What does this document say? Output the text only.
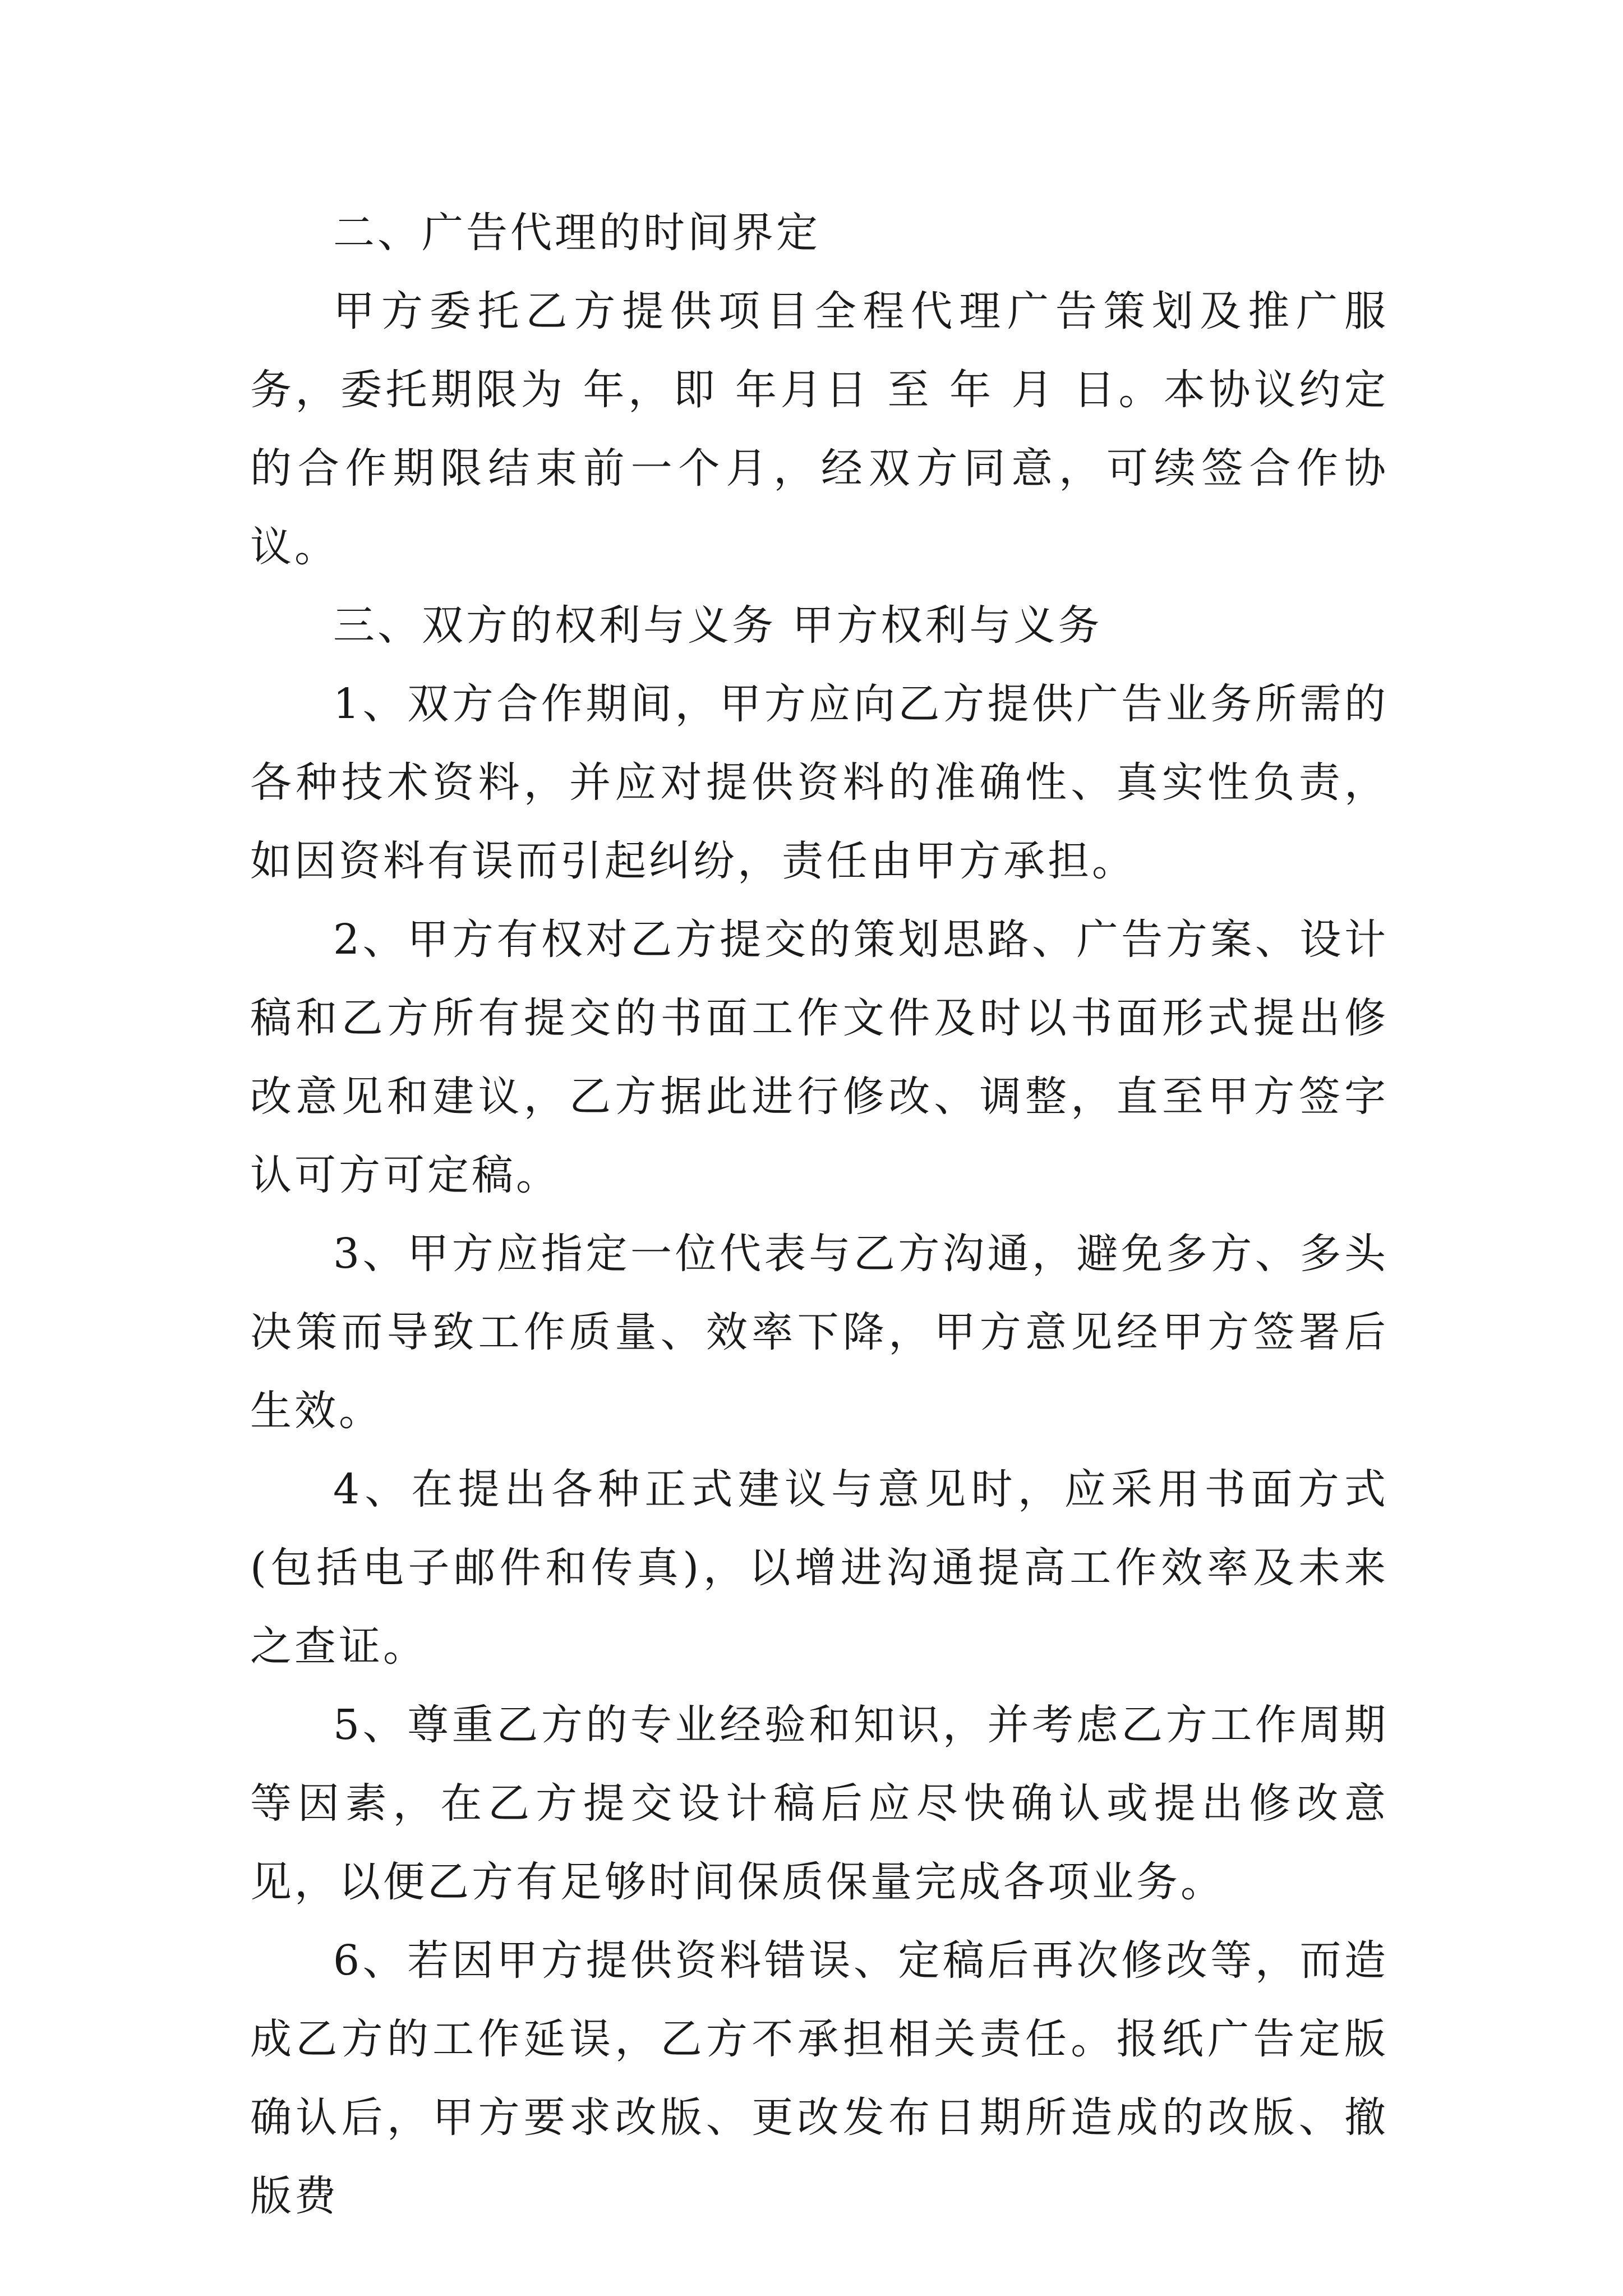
二、广告代理的时间界定

甲方委托乙方提供项目全程代理广告策划及推广服务，委托期限为 年，即 年月日 至 年 月 日。本协议约定的合作期限结束前一个月，经双方同意，可续签合作协议。

三、双方的权利与义务 甲方权利与义务

1、双方合作期间，甲方应向乙方提供广告业务所需的各种技术资料，并应对提供资料的准确性、真实性负责，如因资料有误而引起纠纷，责任由甲方承担。

2、甲方有权对乙方提交的策划思路、广告方案、设计稿和乙方所有提交的书面工作文件及时以书面形式提出修改意见和建议，乙方据此进行修改、调整，直至甲方签字认可方可定稿。

3、甲方应指定一位代表与乙方沟通，避免多方、多头决策而导致工作质量、效率下降，甲方意见经甲方签署后生效。

4、在提出各种正式建议与意见时，应采用书面方式(包括电子邮件和传真)，以增进沟通提高工作效率及未来之查证。

5、尊重乙方的专业经验和知识，并考虑乙方工作周期等因素，在乙方提交设计稿后应尽快确认或提出修改意见，以便乙方有足够时间保质保量完成各项业务。

6、若因甲方提供资料错误、定稿后再次修改等，而造成乙方的工作延误，乙方不承担相关责任。报纸广告定版确认后，甲方要求改版、更改发布日期所造成的改版、撤版费
